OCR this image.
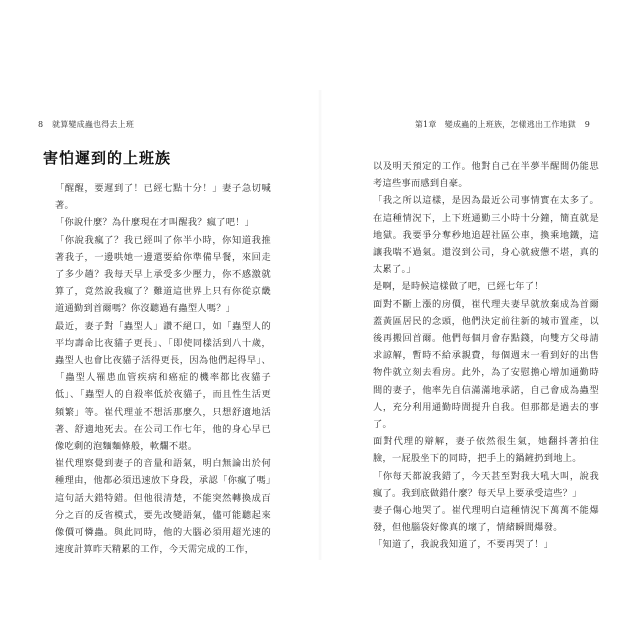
8 就算變成蟲也得去上班
害怕遲到的上班族

「醒醒，要遲到了！已經七點十分！」妻子急切喊著。

「你說什麼？為什麼現在才叫醒我？瘋了吧！」

「你說我瘋了？我已經叫了你半小時，你知道我推著我子，一邊哄她一邊還要給你準備早餐，來回走了多少趟？我每天早上承受多少壓力，你不感激就算了，竟然說我瘋了？難道這世界上只有你從京畿道通勤到首爾嗎？你沒聽過有蟲型人嗎？」

最近，妻子對「蟲型人」讚不絕口，如「蟲型人的平均壽命比夜貓子更長」、「即使同樣活到八十歲，蟲型人也會比夜貓子活得更長，因為他們起得早」、「蟲型人罹患血管疾病和癌症的機率都比夜貓子低」、「蟲型人的自殺率低於夜貓子，而且性生活更頻繁」等。崔代理並不想活那麼久，只想舒適地活著、舒適地死去。在公司工作七年，他的身心早已像吃剩的泡麵麵條般，軟爛不堪。

崔代理察覺到妻子的音量和語氣，明白無論出於何種理由，他都必須迅速放下身段，承認「你瘋了嗎」這句話大錯特錯。但他很清楚，不能突然轉換成百分之百的反省模式，要先改變語氣，儘可能聽起來像價可憐蟲。與此同時，他的大腦必須用超光速的速度計算昨天精累的工作，今天需完成的工作，

第1章　變成蟲的上班族，怎樣逃出工作地獄 9

以及明天預定的工作。他對自己在半夢半醒間仍能思考這些事而感到自豪。

「我之所以這樣，是因為最近公司事情實在太多了。在這種情況下，上下班通勤三小時十分鐘，簡直就是地獄。我要爭分奪秒地追趕社區公車，換乘地鐵，這讓我喘不過氣。還沒到公司，身心就疲憊不堪，真的太累了。」

是啊，是時候這樣做了吧，已經七年了！

面對不斷上漲的房價，崔代理夫妻早就放棄成為首爾蓋黃區居民的念頭，他們決定前往新的城市置產，以後再搬回首爾。他們每個月會存點錢，向雙方父母請求諒解，暫時不給承親費，每個週末一看到好的出售物件就立刻去看房。此外，為了安慰擔心增加通勤時間的妻子，他率先自信滿滿地承諾，自己會成為蟲型人，充分利用通勤時間提升自我。但那都是過去的事了。

面對代理的辯解，妻子依然很生氣，她翻抖著拍住臉，一屁股坐下的同時，把手上的鍋鏟扔到地上。

「你每天都說我錯了，今天甚至對我大吼大叫，說我瘋了。我到底做錯什麼？每天早上要承受這些？」

妻子傷心地哭了。崔代理明白這種情況下萬萬不能爆發，但他腦袋好像真的壞了，情緒瞬間爆發。

「知道了，我說我知道了，不要再哭了！」
